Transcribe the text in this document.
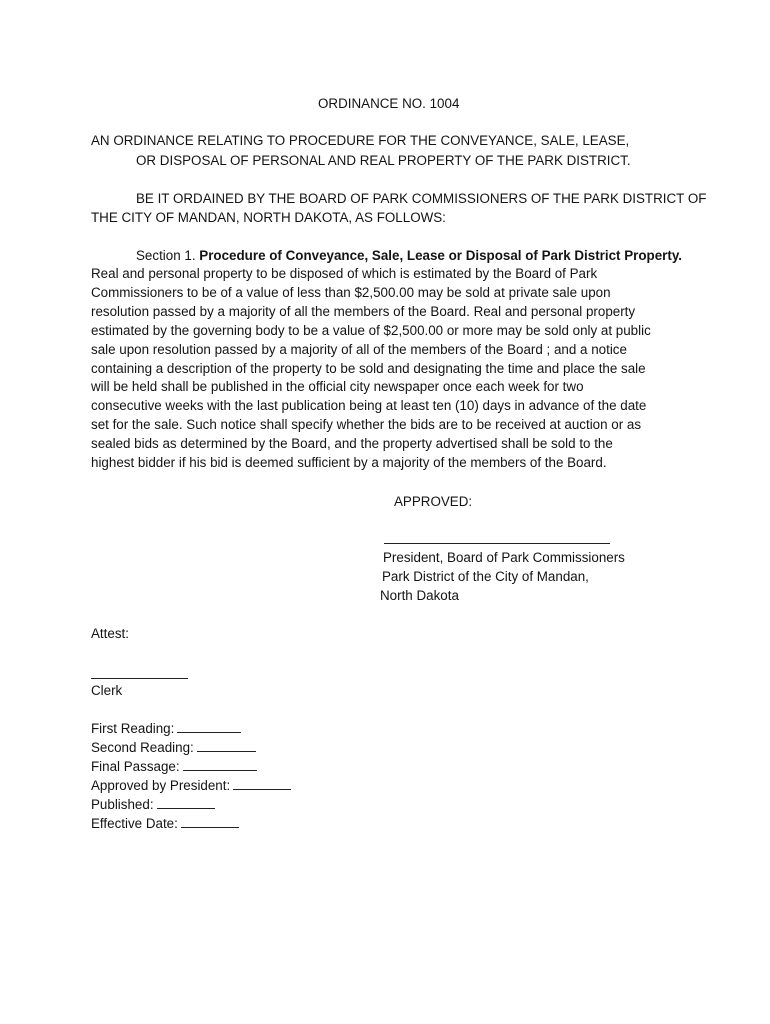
ORDINANCE NO. 1004
AN ORDINANCE RELATING TO PROCEDURE FOR THE CONVEYANCE, SALE, LEASE,
OR DISPOSAL OF PERSONAL AND REAL PROPERTY OF THE PARK DISTRICT.
BE IT ORDAINED BY THE BOARD OF PARK COMMISSIONERS OF THE PARK DISTRICT OF
THE CITY OF MANDAN, NORTH DAKOTA, AS FOLLOWS:
Section 1. Procedure of Conveyance, Sale, Lease or Disposal of Park District Property.
Real and personal property to be disposed of which is estimated by the Board of Park
Commissioners to be of a value of less than $2,500.00 may be sold at private sale upon
resolution passed by a majority of all the members of the Board. Real and personal property
estimated by the governing body to be a value of $2,500.00 or more may be sold only at public
sale upon resolution passed by a majority of all of the members of the Board ; and a notice
containing a description of the property to be sold and designating the time and place the sale
will be held shall be published in the official city newspaper once each week for two
consecutive weeks with the last publication being at least ten (10) days in advance of the date
set for the sale. Such notice shall specify whether the bids are to be received at auction or as
sealed bids as determined by the Board, and the property advertised shall be sold to the
highest bidder if his bid is deemed sufficient by a majority of the members of the Board.
APPROVED:
President, Board of Park Commissioners
Park District of the City of Mandan,
North Dakota
Attest:
Clerk
First Reading:
Second Reading:
Final Passage:
Approved by President:
Published:
Effective Date:
